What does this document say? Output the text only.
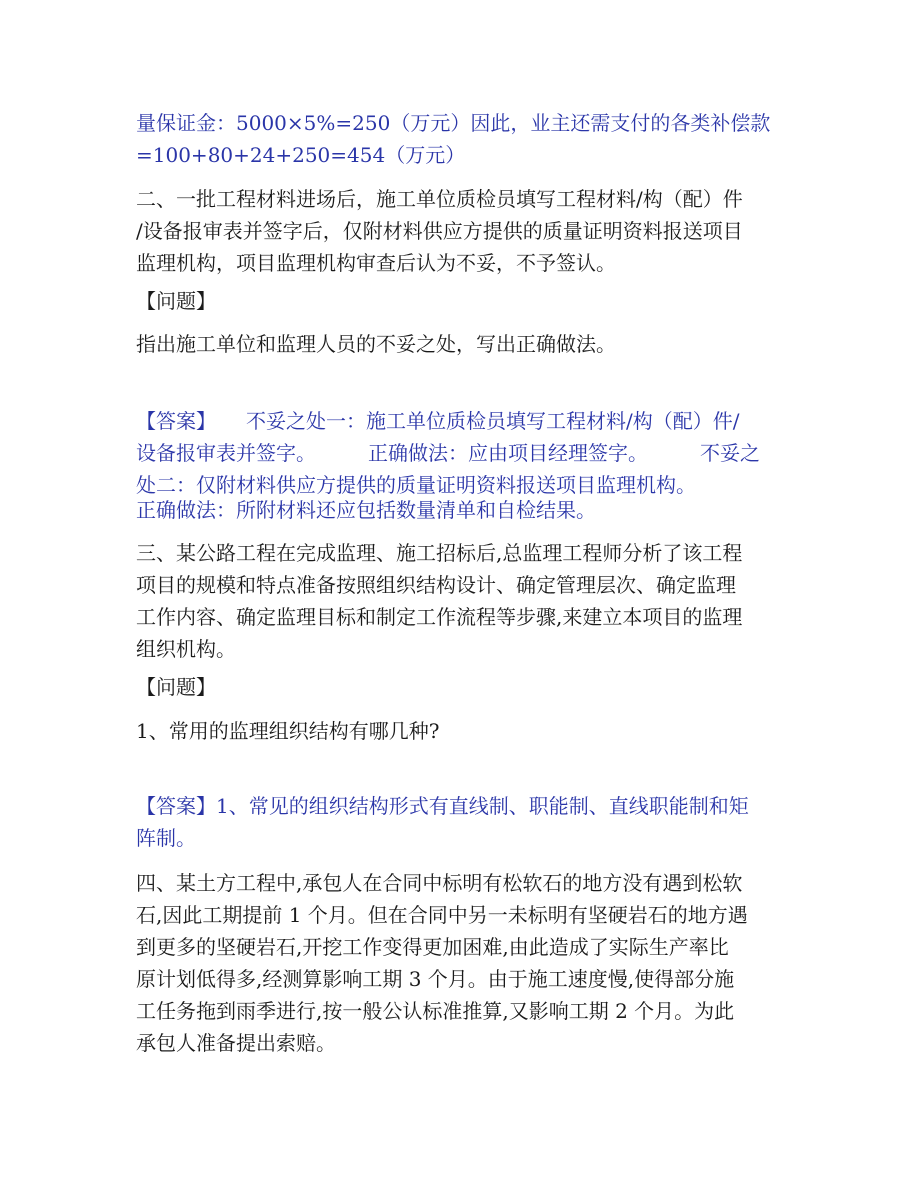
量保证金：5000×5%=250（万元）因此，业主还需支付的各类补偿款
=100+80+24+250=454（万元）
二、一批工程材料进场后，施工单位质检员填写工程材料/构（配）件
/设备报审表并签字后，仅附材料供应方提供的质量证明资料报送项目
监理机构，项目监理机构审查后认为不妥，不予签认。
【问题】
指出施工单位和监理人员的不妥之处，写出正确做法。
【答案】 不妥之处一：施工单位质检员填写工程材料/构（配）件/
设备报审表并签字。	正确做法：应由项目经理签字。	不妥之
处二：仅附材料供应方提供的质量证明资料报送项目监理机构。
正确做法：所附材料还应包括数量清单和自检结果。
三、某公路工程在完成监理、施工招标后,总监理工程师分析了该工程
项目的规模和特点准备按照组织结构设计、确定管理层次、确定监理
工作内容、确定监理目标和制定工作流程等步骤,来建立本项目的监理
组织机构。
【问题】
1、常用的监理组织结构有哪几种?
【答案】1、常见的组织结构形式有直线制、职能制、直线职能制和矩
阵制。
四、某土方工程中,承包人在合同中标明有松软石的地方没有遇到松软
石,因此工期提前 1 个月。但在合同中另一未标明有坚硬岩石的地方遇
到更多的坚硬岩石,开挖工作变得更加困难,由此造成了实际生产率比
原计划低得多,经测算影响工期 3 个月。由于施工速度慢,使得部分施
工任务拖到雨季进行,按一般公认标准推算,又影响工期 2 个月。为此
承包人准备提出索赔。
